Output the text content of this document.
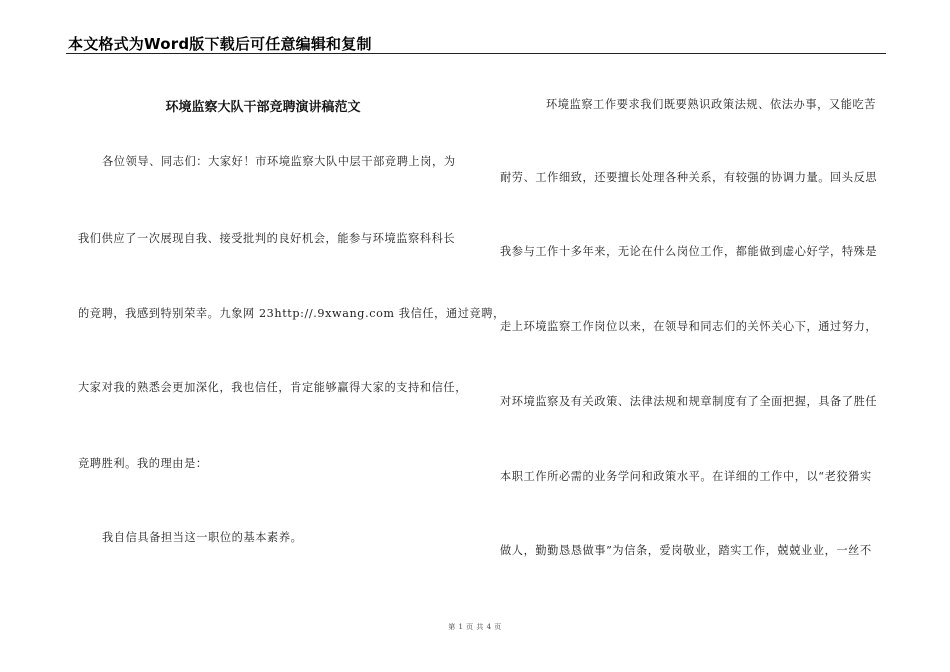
本文格式为Word版下载后可任意编辑和复制
环境监察大队干部竞聘演讲稿范文
各位领导、同志们：大家好！市环境监察大队中层干部竞聘上岗，为
我们供应了一次展现自我、接受批判的良好机会，能参与环境监察科科长
的竞聘，我感到特别荣幸。九象网 23http://.9xwang.com 我信任，通过竞聘，
大家对我的熟悉会更加深化，我也信任，肯定能够赢得大家的支持和信任，
竞聘胜利。我的理由是：
我自信具备担当这一职位的基本素养。
环境监察工作要求我们既要熟识政策法规、依法办事，又能吃苦
耐劳、工作细致，还要擅长处理各种关系，有较强的协调力量。回头反思
我参与工作十多年来，无论在什么岗位工作，都能做到虚心好学，特殊是
走上环境监察工作岗位以来，在领导和同志们的关怀关心下，通过努力，
对环境监察及有关政策、法律法规和规章制度有了全面把握，具备了胜任
本职工作所必需的业务学问和政策水平。在详细的工作中，以“老狡猾实
做人，勤勤恳恳做事”为信条，爱岗敬业，踏实工作，兢兢业业，一丝不
第 1 页 共 4 页
